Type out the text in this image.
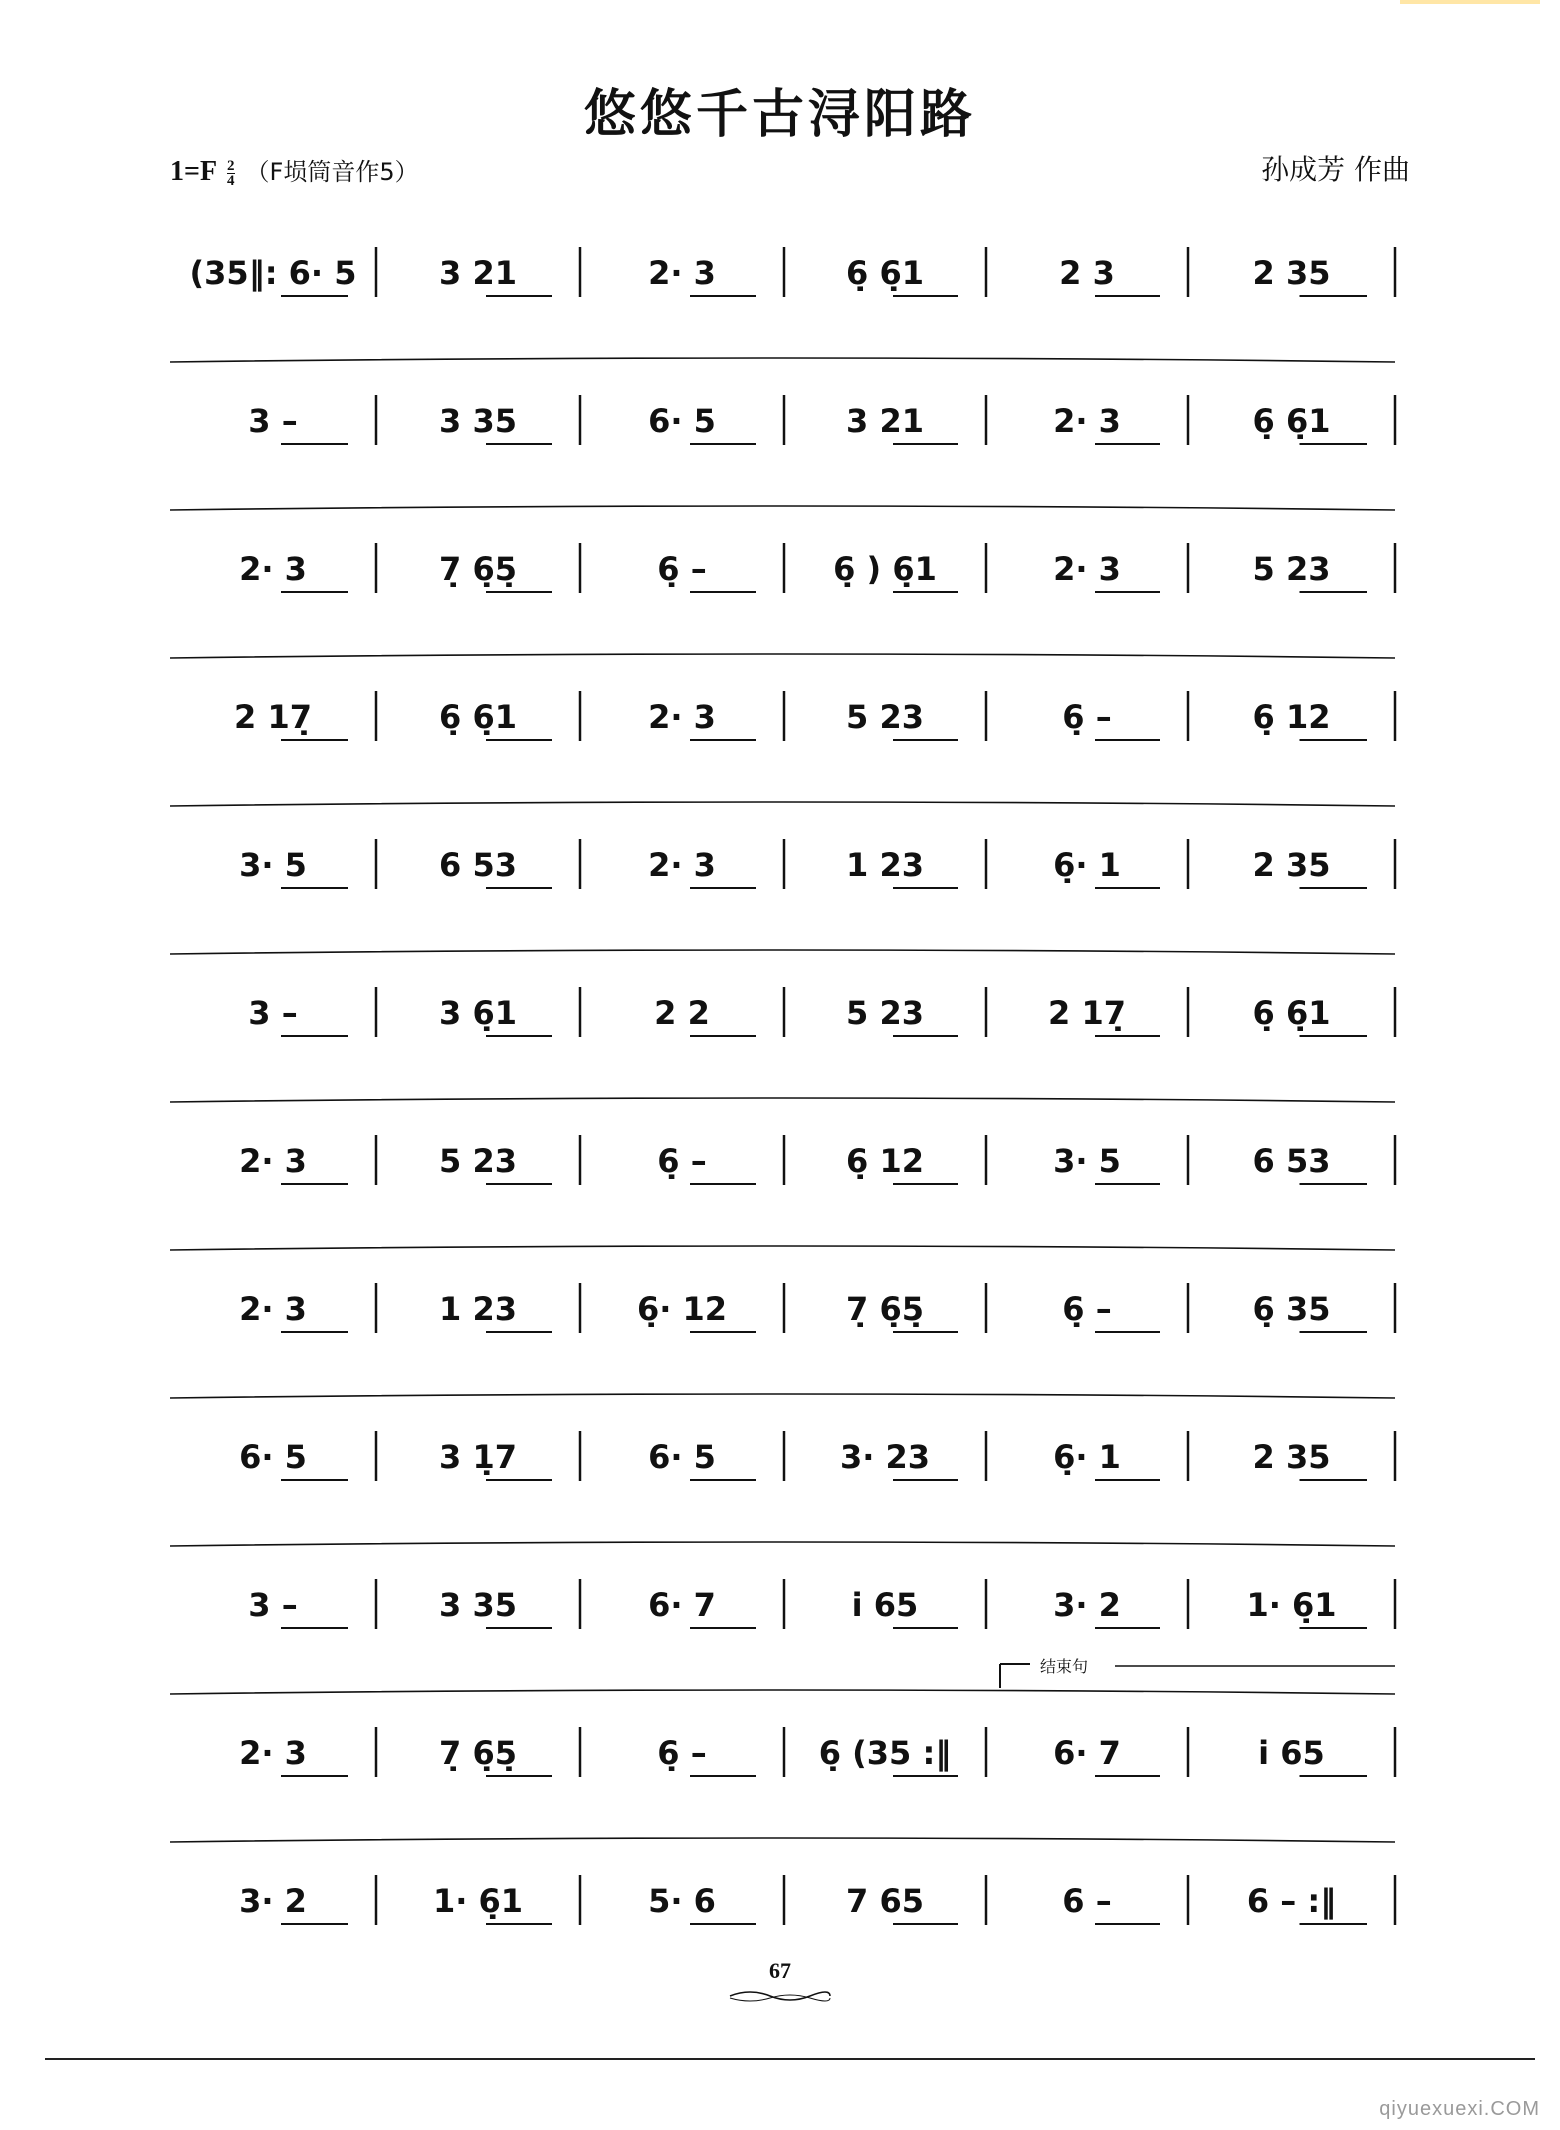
悠悠千古浔阳路
$1=F \frac{2}{4} (F$埙筒音作5）	孙成芳 作曲
(35‖: 6· 5	3 21	2· 3	6̣ 6̣1	2 3	2 35
3 –	3 35	6· 5	3 21	2· 3	6̣ 6̣1
2· 3	7̣ 6̣5̣	6̣ –	6̣ ) 6̣1	2· 3	5 23
2 17̣	6̣ 6̣1	2· 3	5 23	6̣ –	6̣ 12
3· 5	6 53	2· 3	1 23	6̣· 1	2 35
3 –	3 6̣1	2 2	5 23	2 17̣	6̣ 6̣1
2· 3	5 23	6̣ –	6̣ 12	3· 5	6 53
2· 3	1 23	6̣· 12	7̣ 6̣5̣	6̣ –	6̣ 35
6· 5	3 1̣7	6· 5	3· 23	6̣· 1	2 35
3 –	3 35	6· 7	i 65	3· 2	1· 6̣1
2· 3	7̣ 6̣5̣	6̣ –	6̣ (35 :‖	6· 7	i 65
3· 2	1· 6̣1	5· 6	7 65	6 –	6 – :‖
结束句
67
qiyuexuexi.COM
